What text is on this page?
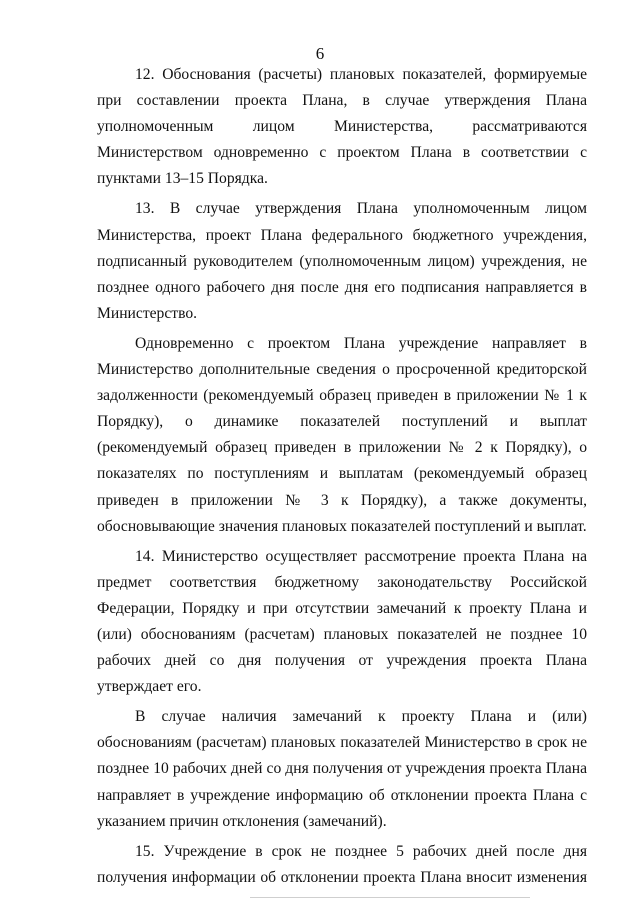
6

12. Обоснования (расчеты) плановых показателей, формируемые при составлении проекта Плана, в случае утверждения Плана уполномоченным лицом Министерства, рассматриваются Министерством одновременно с проектом Плана в соответствии с пунктами 13–15 Порядка.

13. В случае утверждения Плана уполномоченным лицом Министерства, проект Плана федерального бюджетного учреждения, подписанный руководителем (уполномоченным лицом) учреждения, не позднее одного рабочего дня после дня его подписания направляется в Министерство.

Одновременно с проектом Плана учреждение направляет в Министерство дополнительные сведения о просроченной кредиторской задолженности (рекомендуемый образец приведен в приложении № 1 к Порядку), о динамике показателей поступлений и выплат (рекомендуемый образец приведен в приложении № 2 к Порядку), о показателях по поступлениям и выплатам (рекомендуемый образец приведен в приложении № 3 к Порядку), а также документы, обосновывающие значения плановых показателей поступлений и выплат.

14. Министерство осуществляет рассмотрение проекта Плана на предмет соответствия бюджетному законодательству Российской Федерации, Порядку и при отсутствии замечаний к проекту Плана и (или) обоснованиям (расчетам) плановых показателей не позднее 10 рабочих дней со дня получения от учреждения проекта Плана утверждает его.

В случае наличия замечаний к проекту Плана и (или) обоснованиям (расчетам) плановых показателей Министерство в срок не позднее 10 рабочих дней со дня получения от учреждения проекта Плана направляет в учреждение информацию об отклонении проекта Плана с указанием причин отклонения (замечаний).

15. Учреждение в срок не позднее 5 рабочих дней после дня получения информации об отклонении проекта Плана вносит изменения
